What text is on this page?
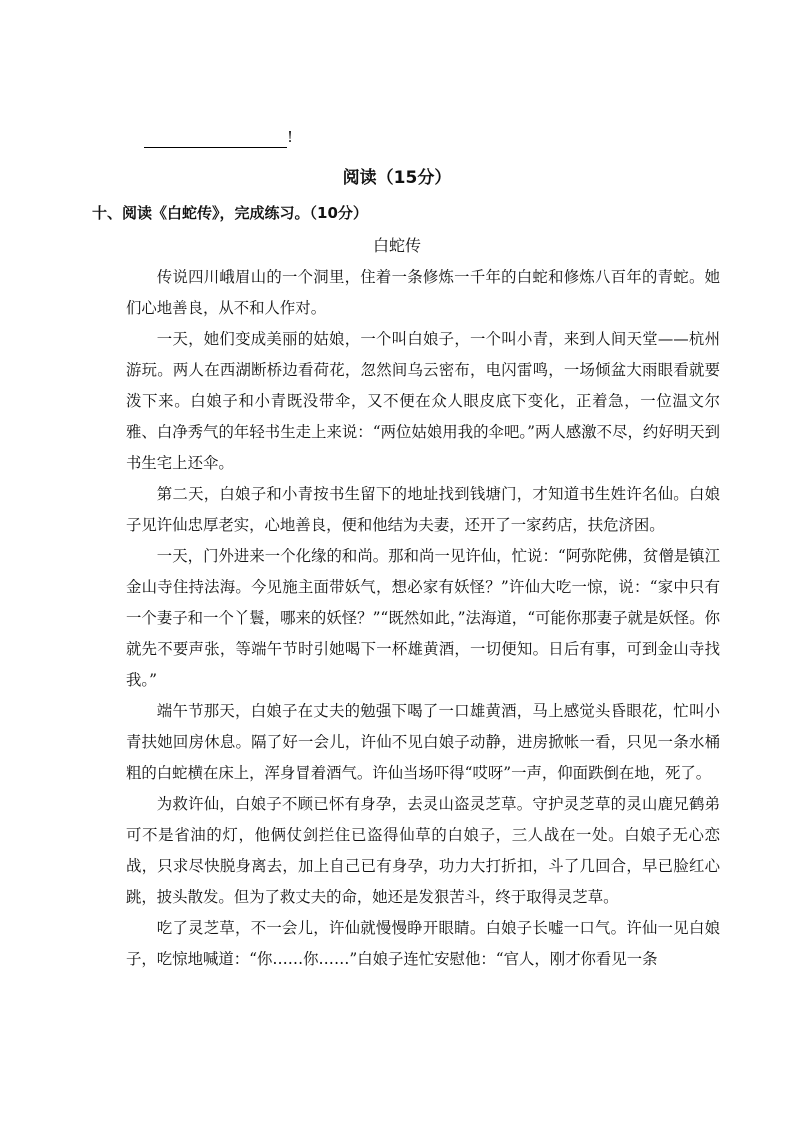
!
阅读（15分）
十、阅读《白蛇传》，完成练习。（10分）
白蛇传

传说四川峨眉山的一个洞里，住着一条修炼一千年的白蛇和修炼八百年的青蛇。她们心地善良，从不和人作对。

一天，她们变成美丽的姑娘，一个叫白娘子，一个叫小青，来到人间天堂——杭州游玩。两人在西湖断桥边看荷花，忽然间乌云密布，电闪雷鸣，一场倾盆大雨眼看就要泼下来。白娘子和小青既没带伞，又不便在众人眼皮底下变化，正着急，一位温文尔雅、白净秀气的年轻书生走上来说：“两位姑娘用我的伞吧。”两人感激不尽，约好明天到书生宅上还伞。

第二天，白娘子和小青按书生留下的地址找到钱塘门，才知道书生姓许名仙。白娘子见许仙忠厚老实，心地善良，便和他结为夫妻，还开了一家药店，扶危济困。

一天，门外进来一个化缘的和尚。那和尚一见许仙，忙说：“阿弥陀佛，贫僧是镇江金山寺住持法海。今见施主面带妖气，想必家有妖怪？”许仙大吃一惊，说：“家中只有一个妻子和一个丫鬟，哪来的妖怪？”“既然如此，”法海道，“可能你那妻子就是妖怪。你就先不要声张，等端午节时引她喝下一杯雄黄酒，一切便知。日后有事，可到金山寺找我。”

端午节那天，白娘子在丈夫的勉强下喝了一口雄黄酒，马上感觉头昏眼花，忙叫小青扶她回房休息。隔了好一会儿，许仙不见白娘子动静，进房掀帐一看，只见一条水桶粗的白蛇横在床上，浑身冒着酒气。许仙当场吓得“哎呀”一声，仰面跌倒在地，死了。

为救许仙，白娘子不顾已怀有身孕，去灵山盗灵芝草。守护灵芝草的灵山鹿兄鹤弟可不是省油的灯，他俩仗剑拦住已盗得仙草的白娘子，三人战在一处。白娘子无心恋战，只求尽快脱身离去，加上自己已有身孕，功力大打折扣，斗了几回合，早已脸红心跳，披头散发。但为了救丈夫的命，她还是发狠苦斗，终于取得灵芝草。

吃了灵芝草，不一会儿，许仙就慢慢睁开眼睛。白娘子长嘘一口气。许仙一见白娘子，吃惊地喊道：“你……你……”白娘子连忙安慰他：“官人，刚才你看见一条
